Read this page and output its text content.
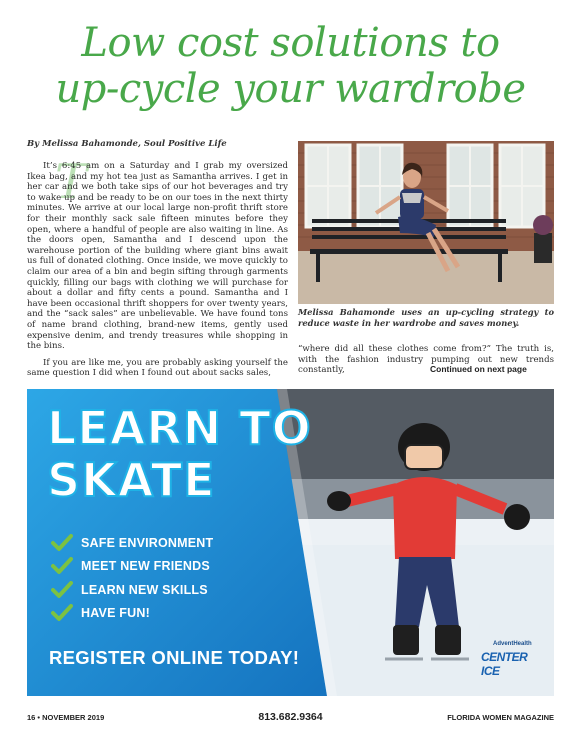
Low cost solutions to
up-cycle your wardrobe
By Melissa Bahamonde, Soul Positive Life
T

It’s 6:45 am on a Saturday and I grab my oversized Ikea bag, and my hot tea just as Samantha arrives. I get in her car and we both take sips of our hot beverages and try to wake up and be ready to be on our toes in the next thirty minutes. We arrive at our local large non-profit thrift store for their monthly sack sale fifteen minutes before they open, where a handful of people are also waiting in line. As the doors open, Samantha and I descend upon the warehouse portion of the building where giant bins await us full of donated clothing. Once inside, we move quickly to claim our area of a bin and begin sifting through garments quickly, filling our bags with clothing we will purchase for about a dollar and fifty cents a pound. Samantha and I have been occasional thrift shoppers for over twenty years, and the “sack sales” are unbelievable. We have found tons of name brand clothing, brand-new items, gently used expensive denim, and trendy treasures while shopping in the bins.

If you are like me, you are probably asking yourself the same question I did when I found out about sacks sales,

Melissa Bahamonde uses an up-cycling strategy to reduce waste in her wardrobe and saves money.

“where did all these clothes come from?” The truth is, with the fashion industry pumping out new trends constantly,	Continued on next page
LEARN TO
SKATE
SAFE ENVIRONMENT
MEET NEW FRIENDS
LEARN NEW SKILLS
HAVE FUN!
REGISTER ONLINE TODAY!
AdventHealth
CENTER ICE
16 • NOVEMBER 2019	813.682.9364	FLORIDA WOMEN MAGAZINE
